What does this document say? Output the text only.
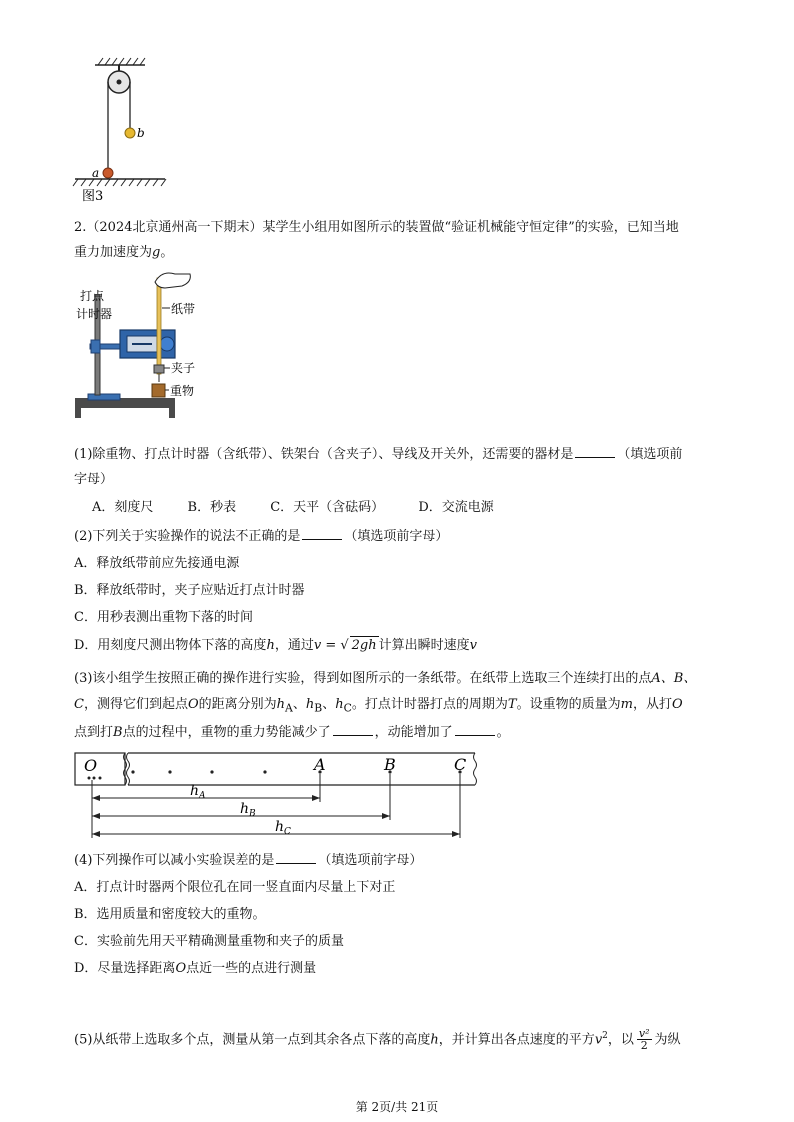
b
a
图3
2.（2024北京通州高一下期末）某学生小组用如图所示的装置做“验证机械能守恒定律”的实验，已知当地
重力加速度为g。
打点
计时器	纸带
夹子
重物
(1)除重物、打点计时器（含纸带）、铁架台（含夹子）、导线及开关外，还需要的器材是	（填选项前
字母）
A．刻度尺	B．秒表	C．天平（含砝码）	D．交流电源
(2)下列关于实验操作的说法不正确的是	（填选项前字母）
A．释放纸带前应先接通电源
B．释放纸带时，夹子应贴近打点计时器
C．用秒表测出重物下落的时间
D．用刻度尺测出物体下落的高度h，通过v = √ 2gh 计算出瞬时速度v
(3)该小组学生按照正确的操作进行实验，得到如图所示的一条纸带。在纸带上选取三个连续打出的点A、B、
C，测得它们到起点O的距离分别为$h_A$、$h_B$、$h_C$。打点计时器打点的周期为T。设重物的质量为m，从打O
点到打B点的过程中，重物的重力势能减少了	，动能增加了	。
O	A	B	C
h A
h B
h C
(4)下列操作可以减小实验误差的是	（填选项前字母）
A．打点计时器两个限位孔在同一竖直面内尽量上下对正
B．选用质量和密度较大的重物。
C．实验前先用天平精确测量重物和夹子的质量
D．尽量选择距离O点近一些的点进行测量
(5)从纸带上选取多个点，测量从第一点到其余各点下落的高度h，并计算出各点速度的平方$v^2$，以 $\frac{\text{v²}}{2}$ 为纵
第 2页/共 21页
